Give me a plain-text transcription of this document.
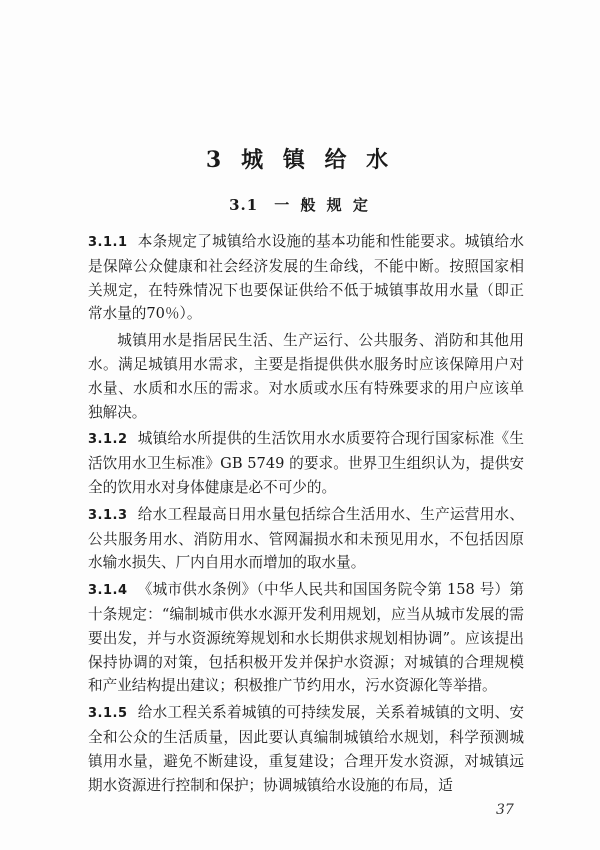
3 城 镇 给 水
3.1 一 般 规 定

3.1.1 本条规定了城镇给水设施的基本功能和性能要求。城镇给水是保障公众健康和社会经济发展的生命线，不能中断。按照国家相关规定，在特殊情况下也要保证供给不低于城镇事故用水量（即正常水量的70％）。

城镇用水是指居民生活、生产运行、公共服务、消防和其他用水。满足城镇用水需求，主要是指提供供水服务时应该保障用户对水量、水质和水压的需求。对水质或水压有特殊要求的用户应该单独解决。

3.1.2 城镇给水所提供的生活饮用水水质要符合现行国家标准《生活饮用水卫生标准》GB 5749 的要求。世界卫生组织认为，提供安全的饮用水对身体健康是必不可少的。

3.1.3 给水工程最高日用水量包括综合生活用水、生产运营用水、公共服务用水、消防用水、管网漏损水和未预见用水，不包括因原水输水损失、厂内自用水而增加的取水量。

3.1.4 《城市供水条例》（中华人民共和国国务院令第 158 号）第十条规定：“编制城市供水水源开发利用规划，应当从城市发展的需要出发，并与水资源统筹规划和水长期供求规划相协调”。应该提出保持协调的对策，包括积极开发并保护水资源；对城镇的合理规模和产业结构提出建议；积极推广节约用水，污水资源化等举措。

3.1.5 给水工程关系着城镇的可持续发展，关系着城镇的文明、安全和公众的生活质量，因此要认真编制城镇给水规划，科学预测城镇用水量，避免不断建设，重复建设；合理开发水资源，对城镇远期水资源进行控制和保护；协调城镇给水设施的布局，适

37
